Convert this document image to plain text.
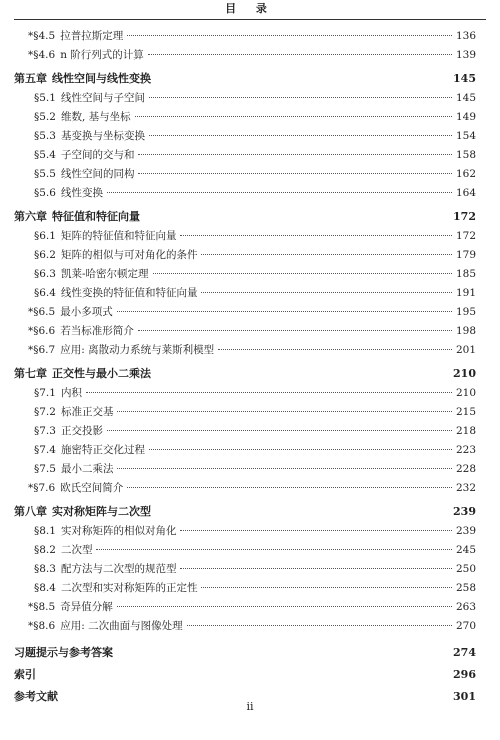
目 录
*§4.5 拉普拉斯定理	136
*§4.6 n 阶行列式的计算	139
第五章 线性空间与线性变换	145
§5.1 线性空间与子空间	145
§5.2 维数, 基与坐标	149
§5.3 基变换与坐标变换	154
§5.4 子空间的交与和	158
§5.5 线性空间的同构	162
§5.6 线性变换	164
第六章 特征值和特征向量	172
§6.1 矩阵的特征值和特征向量	172
§6.2 矩阵的相似与可对角化的条件	179
§6.3 凯莱-哈密尔顿定理	185
§6.4 线性变换的特征值和特征向量	191
*§6.5 最小多项式	195
*§6.6 若当标准形简介	198
*§6.7 应用: 离散动力系统与莱斯利模型	201
第七章 正交性与最小二乘法	210
§7.1 内积	210
§7.2 标准正交基	215
§7.3 正交投影	218
§7.4 施密特正交化过程	223
§7.5 最小二乘法	228
*§7.6 欧氏空间简介	232
第八章 实对称矩阵与二次型	239
§8.1 实对称矩阵的相似对角化	239
§8.2 二次型	245
§8.3 配方法与二次型的规范型	250
§8.4 二次型和实对称矩阵的正定性	258
*§8.5 奇异值分解	263
*§8.6 应用: 二次曲面与图像处理	270
习题提示与参考答案	274
索引	296
参考文献	301
ii
